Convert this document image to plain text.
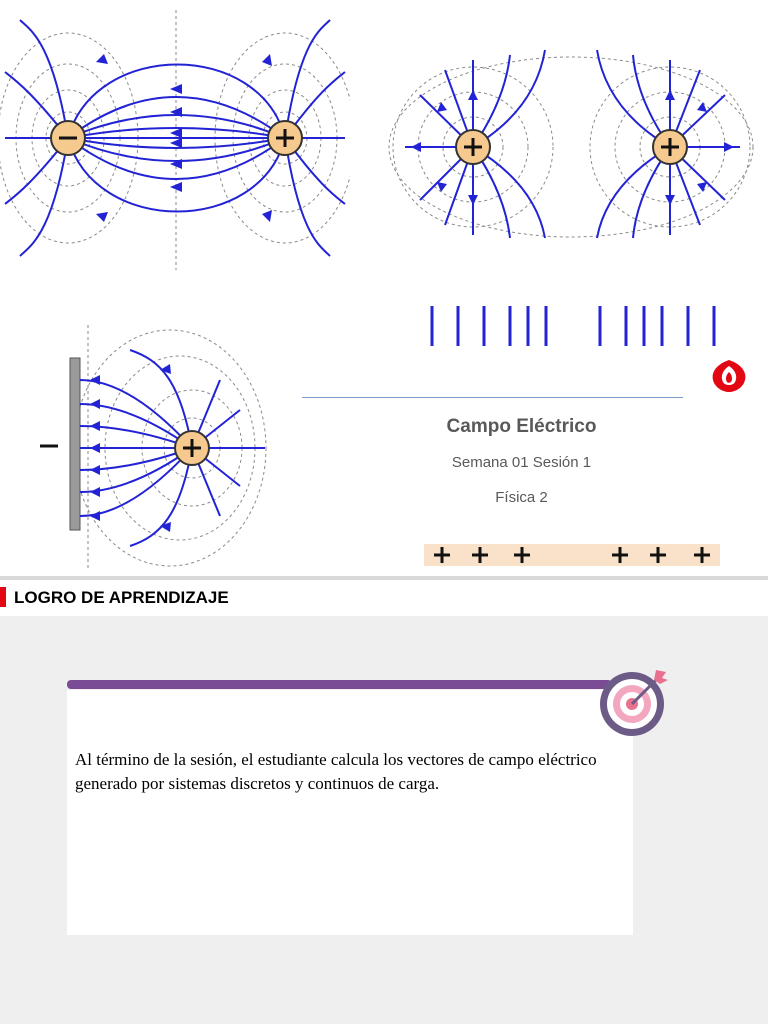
Campo Eléctrico
Semana 01 Sesión 1
Física 2
LOGRO DE APRENDIZAJE
Al término de la sesión, el estudiante calcula los vectores de campo eléctrico generado por sistemas discretos y continuos de carga.
